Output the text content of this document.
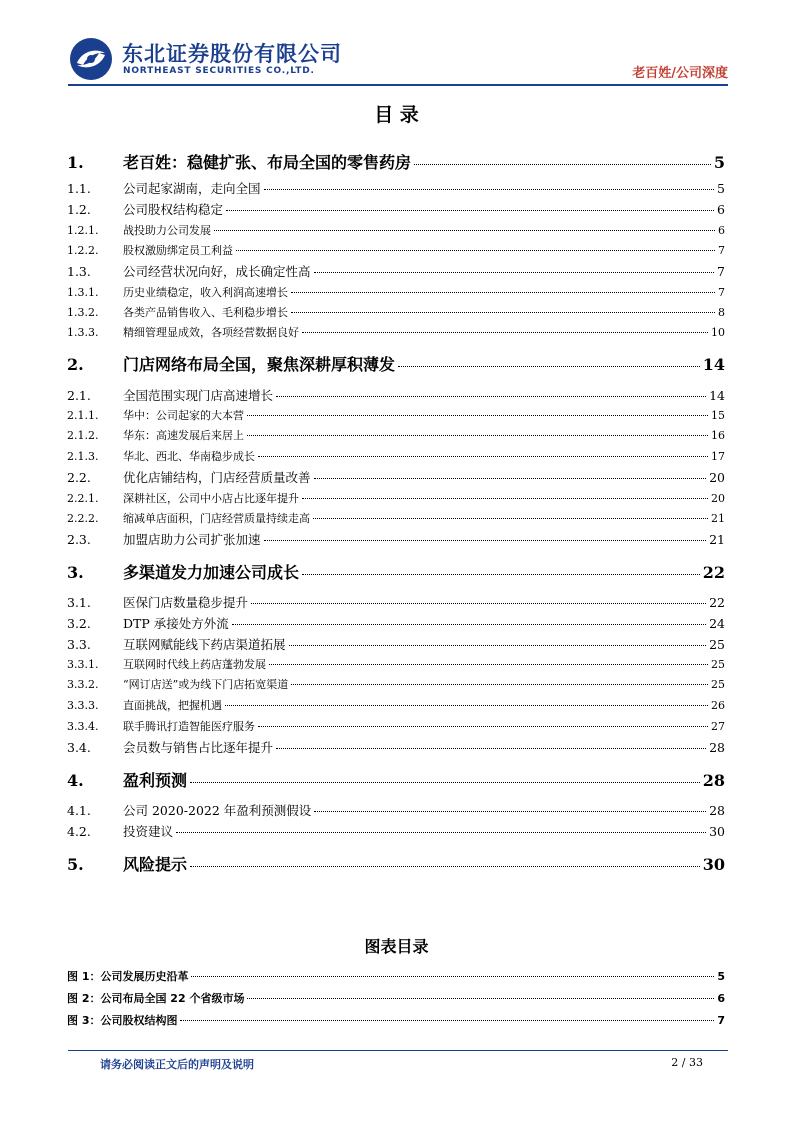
东北证券股份有限公司
NORTHEAST SECURITIES CO.,LTD.	老百姓/公司深度
目 录
1.	老百姓：稳健扩张、布局全国的零售药房	5
1.1.	公司起家湖南，走向全国	5
1.2.	公司股权结构稳定	6
1.2.1.	战投助力公司发展	6
1.2.2.	股权激励绑定员工利益	7
1.3.	公司经营状况向好，成长确定性高	7
1.3.1.	历史业绩稳定，收入利润高速增长	7
1.3.2.	各类产品销售收入、毛利稳步增长	8
1.3.3.	精细管理显成效，各项经营数据良好	10
2.	门店网络布局全国，聚焦深耕厚积薄发	14
2.1.	全国范围实现门店高速增长	14
2.1.1.	华中：公司起家的大本营	15
2.1.2.	华东：高速发展后来居上	16
2.1.3.	华北、西北、华南稳步成长	17
2.2.	优化店铺结构，门店经营质量改善	20
2.2.1.	深耕社区，公司中小店占比逐年提升	20
2.2.2.	缩减单店面积，门店经营质量持续走高	21
2.3.	加盟店助力公司扩张加速	21
3.	多渠道发力加速公司成长	22
3.1.	医保门店数量稳步提升	22
3.2.	DTP 承接处方外流	24
3.3.	互联网赋能线下药店渠道拓展	25
3.3.1.	互联网时代线上药店蓬勃发展	25
3.3.2.	“网订店送”或为线下门店拓宽渠道	25
3.3.3.	直面挑战，把握机遇	26
3.3.4.	联手腾讯打造智能医疗服务	27
3.4.	会员数与销售占比逐年提升	28
4.	盈利预测	28
4.1.	公司 2020-2022 年盈利预测假设	28
4.2.	投资建议	30
5.	风险提示	30
图表目录
图 1：公司发展历史沿革	5
图 2：公司布局全国 22 个省级市场	6
图 3：公司股权结构图	7
请务必阅读正文后的声明及说明	2 / 33
